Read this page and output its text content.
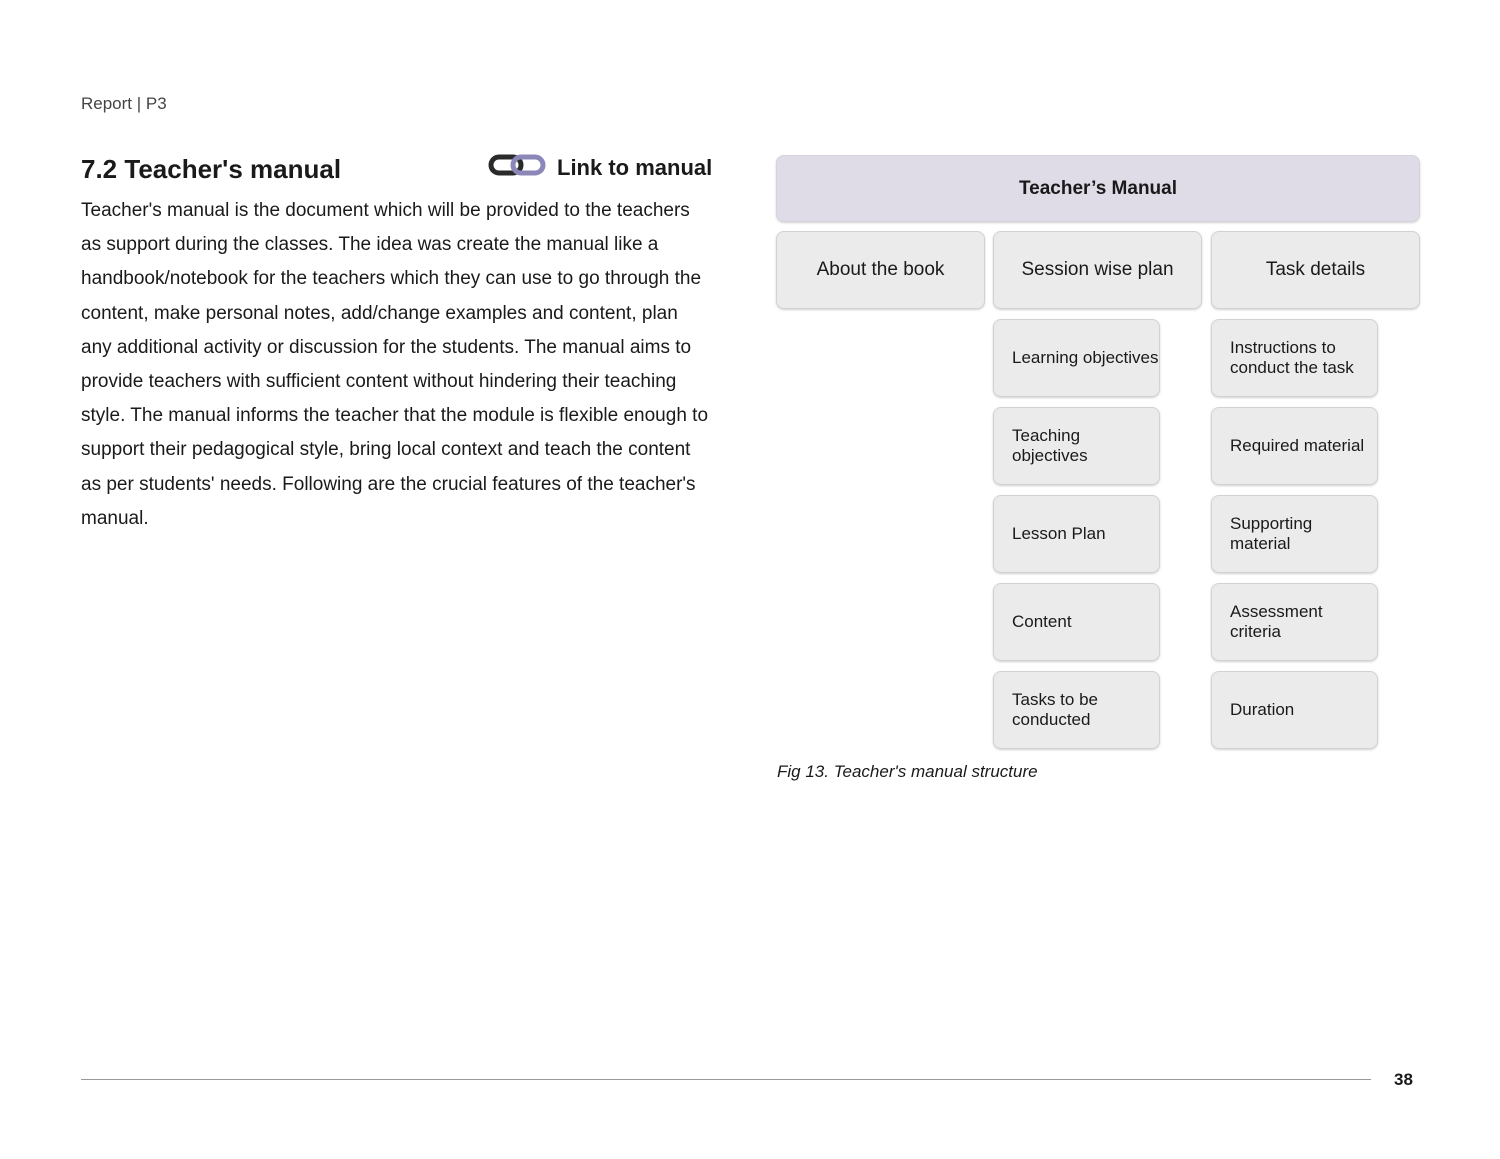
Report | P3
7.2 Teacher's manual	Link to manual
Teacher's manual is the document which will be provided to the teachers as support during the classes. The idea was create the manual like a handbook/notebook for the teachers which they can use to go through the content, make personal notes, add/change examples and content, plan any additional activity or discussion for the students. The manual aims to provide teachers with sufficient content without hindering their teaching style. The manual informs the teacher that the module is flexible enough to support their pedagogical style, bring local context and teach the content as per students' needs. Following are the crucial features of the teacher's manual.
Teacher’s Manual
About the book	Session wise plan	Task details
Learning objectives
Teaching objectives
Lesson Plan
Content
Tasks to be conducted
Instructions to conduct the task
Required material
Supporting material
Assessment criteria
Duration
Fig 13. Teacher's manual structure
38
